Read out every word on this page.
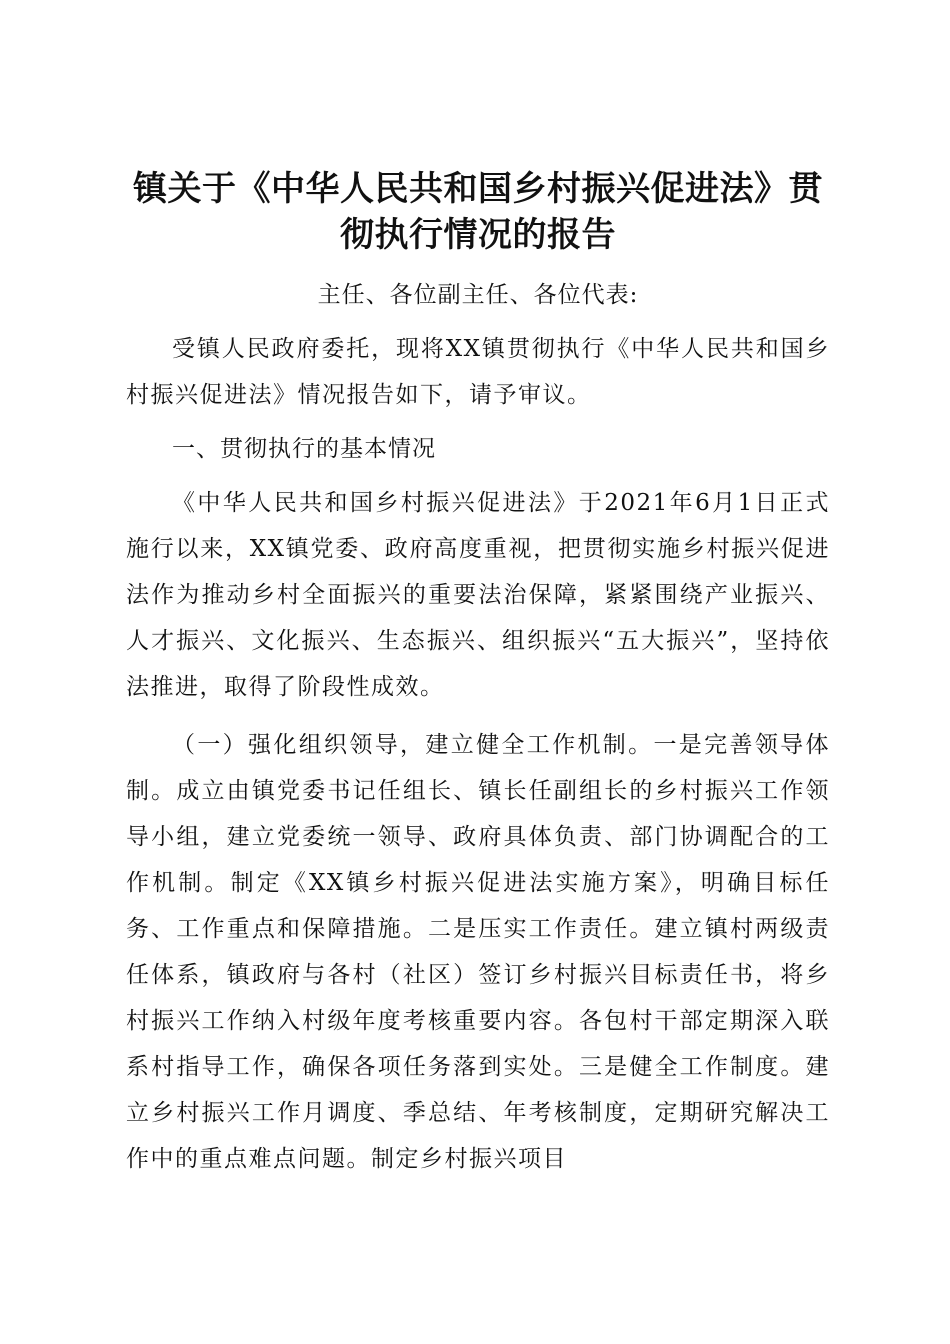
镇关于《中华人民共和国乡村振兴促进法》贯彻执行情况的报告

主任、各位副主任、各位代表:

受镇人民政府委托，现将XX镇贯彻执行《中华人民共和国乡村振兴促进法》情况报告如下，请予审议。

一、贯彻执行的基本情况

《中华人民共和国乡村振兴促进法》于2021年6月1日正式施行以来，XX镇党委、政府高度重视，把贯彻实施乡村振兴促进法作为推动乡村全面振兴的重要法治保障，紧紧围绕产业振兴、人才振兴、文化振兴、生态振兴、组织振兴“五大振兴”，坚持依法推进，取得了阶段性成效。

（一）强化组织领导，建立健全工作机制。一是完善领导体制。成立由镇党委书记任组长、镇长任副组长的乡村振兴工作领导小组，建立党委统一领导、政府具体负责、部门协调配合的工作机制。制定《XX镇乡村振兴促进法实施方案》，明确目标任务、工作重点和保障措施。二是压实工作责任。建立镇村两级责任体系，镇政府与各村（社区）签订乡村振兴目标责任书，将乡村振兴工作纳入村级年度考核重要内容。各包村干部定期深入联系村指导工作，确保各项任务落到实处。三是健全工作制度。建立乡村振兴工作月调度、季总结、年考核制度，定期研究解决工作中的重点难点问题。制定乡村振兴项目
